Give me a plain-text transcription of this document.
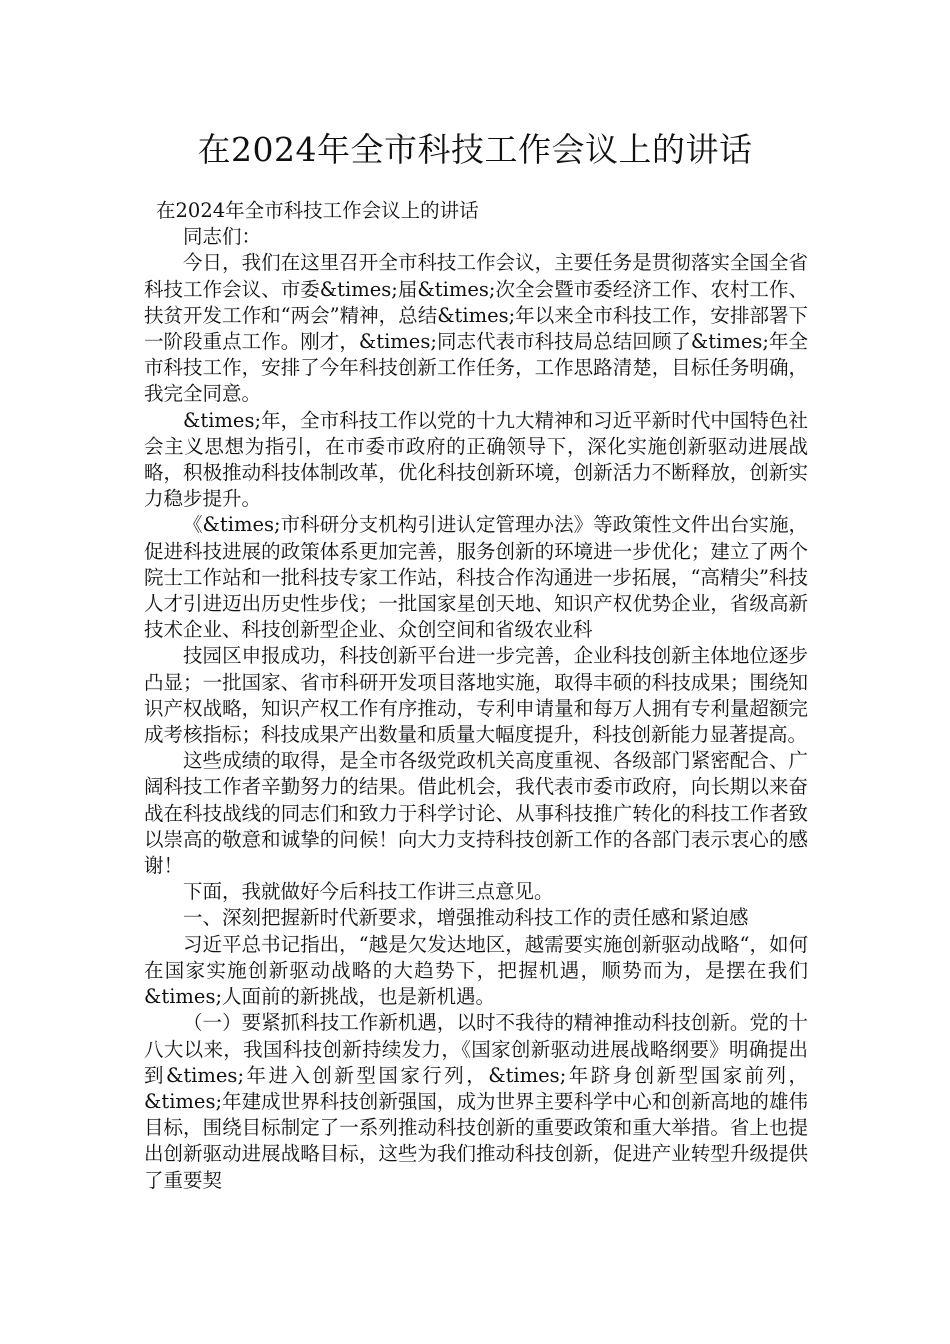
在2024年全市科技工作会议上的讲话

在2024年全市科技工作会议上的讲话

同志们：

今日，我们在这里召开全市科技工作会议，主要任务是贯彻落实全国全省科技工作会议、市委&times;届&times;次全会暨市委经济工作、农村工作、扶贫开发工作和“两会”精神，总结&times;年以来全市科技工作，安排部署下一阶段重点工作。刚才，&times;同志代表市科技局总结回顾了&times;年全市科技工作，安排了今年科技创新工作任务，工作思路清楚，目标任务明确，我完全同意。

&times;年，全市科技工作以党的十九大精神和习近平新时代中国特色社会主义思想为指引，在市委市政府的正确领导下，深化实施创新驱动进展战略，积极推动科技体制改革，优化科技创新环境，创新活力不断释放，创新实力稳步提升。

《&times;市科研分支机构引进认定管理办法》等政策性文件出台实施，促进科技进展的政策体系更加完善，服务创新的环境进一步优化；建立了两个院士工作站和一批科技专家工作站，科技合作沟通进一步拓展，“高精尖”科技人才引进迈出历史性步伐；一批国家星创天地、知识产权优势企业，省级高新技术企业、科技创新型企业、众创空间和省级农业科

技园区申报成功，科技创新平台进一步完善，企业科技创新主体地位逐步凸显；一批国家、省市科研开发项目落地实施，取得丰硕的科技成果；围绕知识产权战略，知识产权工作有序推动，专利申请量和每万人拥有专利量超额完成考核指标；科技成果产出数量和质量大幅度提升，科技创新能力显著提高。

这些成绩的取得，是全市各级党政机关高度重视、各级部门紧密配合、广阔科技工作者辛勤努力的结果。借此机会，我代表市委市政府，向长期以来奋战在科技战线的同志们和致力于科学讨论、从事科技推广转化的科技工作者致以崇高的敬意和诚挚的问候！向大力支持科技创新工作的各部门表示衷心的感谢！

下面，我就做好今后科技工作讲三点意见。

一、深刻把握新时代新要求，增强推动科技工作的责任感和紧迫感

习近平总书记指出，“越是欠发达地区，越需要实施创新驱动战略“，如何在国家实施创新驱动战略的大趋势下，把握机遇，顺势而为，是摆在我们&times;人面前的新挑战，也是新机遇。

（一）要紧抓科技工作新机遇，以时不我待的精神推动科技创新。党的十八大以来，我国科技创新持续发力，《国家创新驱动进展战略纲要》明确提出到&times;年进入创新型国家行列，&times;年跻身创新型国家前列，&times;年建成世界科技创新强国，成为世界主要科学中心和创新高地的雄伟目标，围绕目标制定了一系列推动科技创新的重要政策和重大举措。省上也提出创新驱动进展战略目标，这些为我们推动科技创新，促进产业转型升级提供了重要契
